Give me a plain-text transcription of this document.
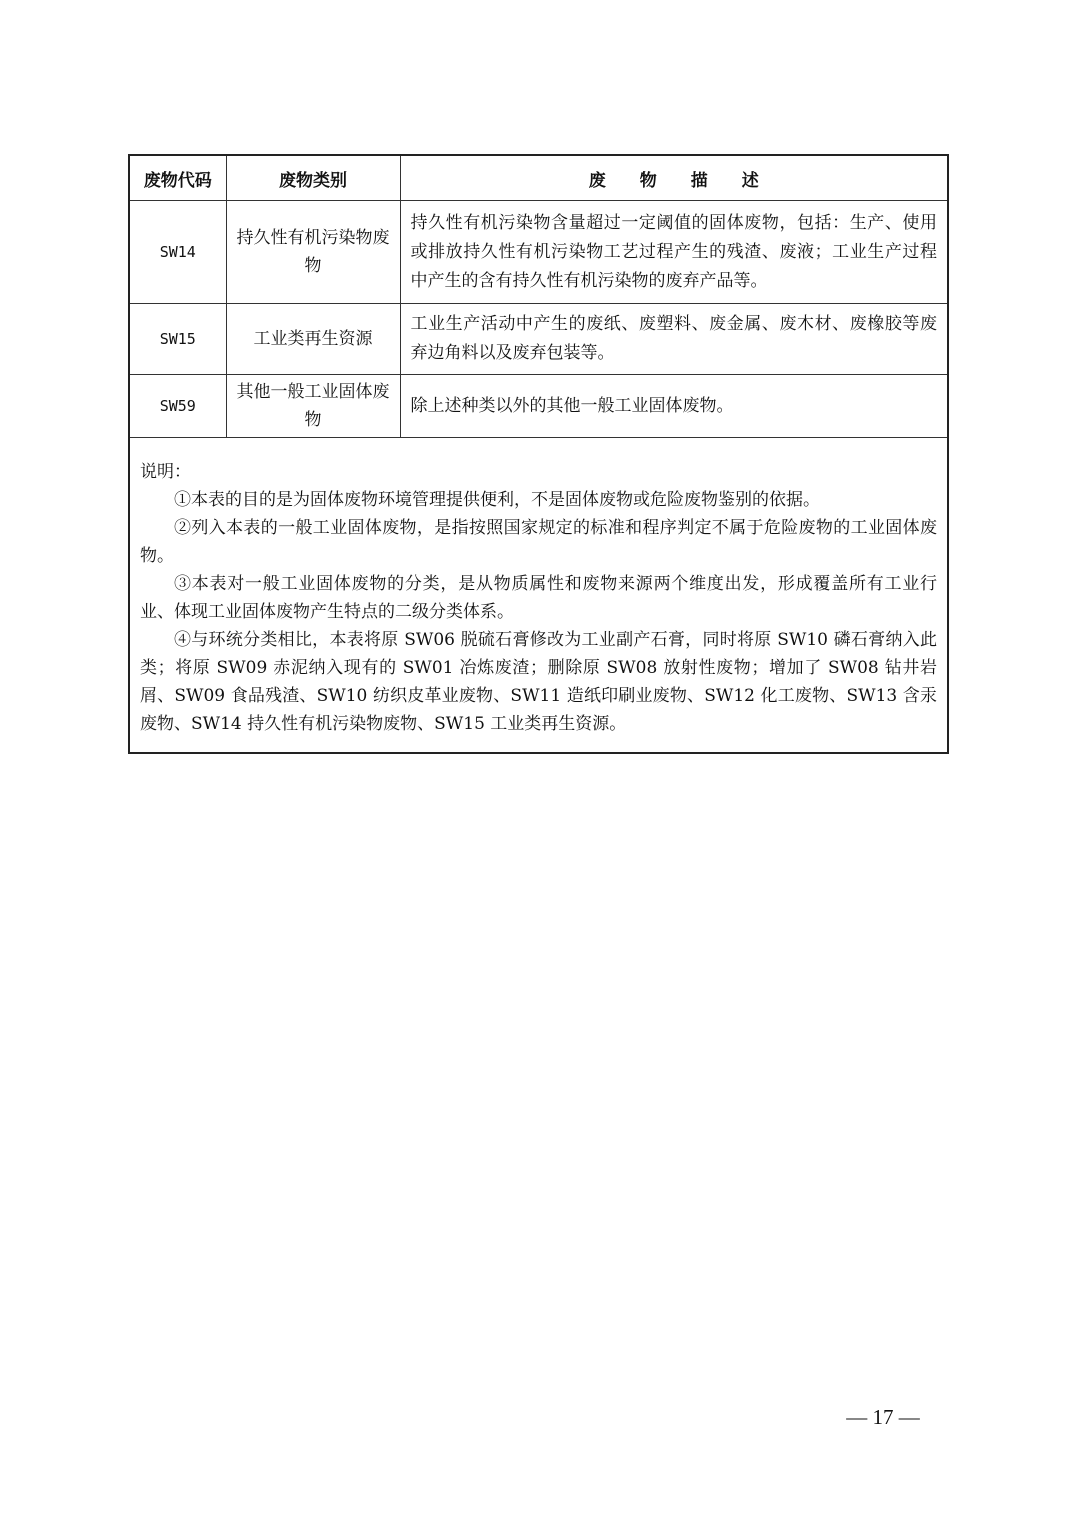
废物代码	废物类别	废　　物　　描　　述
SW14	持久性有机污染物废物	持久性有机污染物含量超过一定阈值的固体废物，包括：生产、使用或排放持久性有机污染物工艺过程产生的残渣、废液；工业生产过程中产生的含有持久性有机污染物的废弃产品等。
SW15	工业类再生资源	工业生产活动中产生的废纸、废塑料、废金属、废木材、废橡胶等废弃边角料以及废弃包装等。
SW59	其他一般工业固体废物	除上述种类以外的其他一般工业固体废物。

说明：

①本表的目的是为固体废物环境管理提供便利，不是固体废物或危险废物鉴别的依据。

②列入本表的一般工业固体废物，是指按照国家规定的标准和程序判定不属于危险废物的工业固体废物。

③本表对一般工业固体废物的分类，是从物质属性和废物来源两个维度出发，形成覆盖所有工业行业、体现工业固体废物产生特点的二级分类体系。

④与环统分类相比，本表将原 SW06 脱硫石膏修改为工业副产石膏，同时将原 SW10 磷石膏纳入此类；将原 SW09 赤泥纳入现有的 SW01 冶炼废渣；删除原 SW08 放射性废物；增加了 SW08 钻井岩屑、SW09 食品残渣、SW10 纺织皮革业废物、SW11 造纸印刷业废物、SW12 化工废物、SW13 含汞废物、SW14 持久性有机污染物废物、SW15 工业类再生资源。		

— 17 —
